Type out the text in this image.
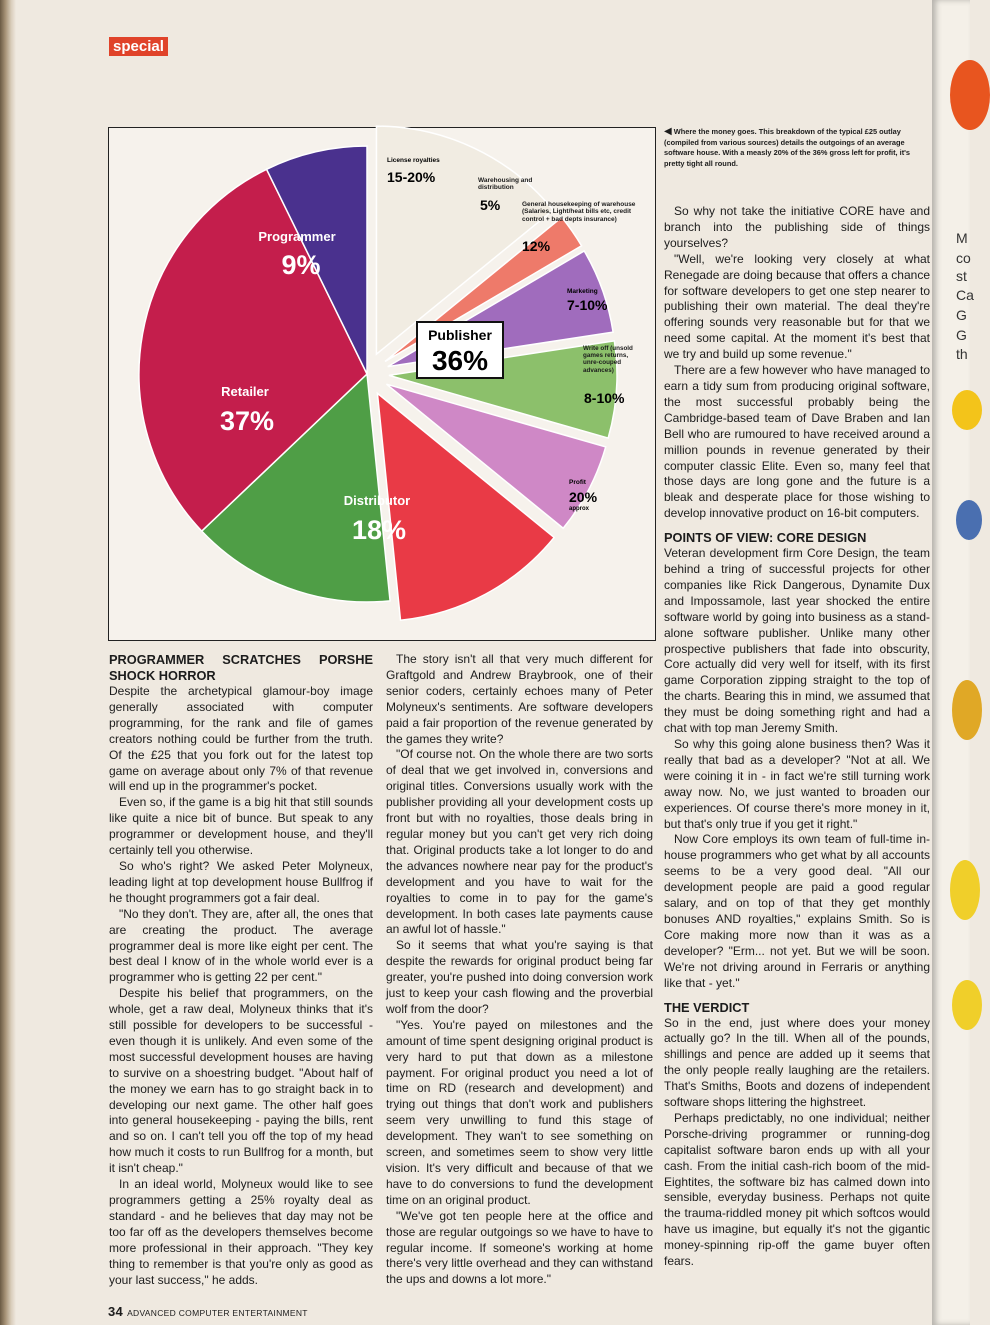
M
co
st
Ca
G
G
th
special
Publisher
36%
Programmer
9%
Retailer
37%
Distributor
18%
License royalties
15-20%	Warehousing and distribution
5%	General housekeeping of warehouse (Salaries, Light/heat bills etc, credit control + bad depts insurance)
12%
Marketing
7-10%
Write off (unsold games returns, unre-couped advances)
8-10%
Profit
20%
approx
◀ Where the money goes. This breakdown of the typical £25 outlay (compiled from various sources) details the outgoings of an average software house. With a measly 20% of the 36% gross left for profit, it's pretty tight all round.
PROGRAMMER SCRATCHES PORSHE SHOCK HORROR

Despite the archetypical glamour-boy image generally associated with computer programming, for the rank and file of games creators nothing could be further from the truth. Of the £25 that you fork out for the latest top game on average about only 7% of that revenue will end up in the programmer's pocket.

Even so, if the game is a big hit that still sounds like quite a nice bit of bunce. But speak to any programmer or development house, and they'll certainly tell you otherwise.

So who's right? We asked Peter Molyneux, leading light at top development house Bullfrog if he thought programmers got a fair deal.

"No they don't. They are, after all, the ones that are creating the product. The average programmer deal is more like eight per cent. The best deal I know of in the whole world ever is a programmer who is getting 22 per cent."

Despite his belief that programmers, on the whole, get a raw deal, Molyneux thinks that it's still possible for developers to be successful - even though it is unlikely. And even some of the most successful development houses are having to survive on a shoestring budget. "About half of the money we earn has to go straight back in to developing our next game. The other half goes into general housekeeping - paying the bills, rent and so on. I can't tell you off the top of my head how much it costs to run Bullfrog for a month, but it isn't cheap."

In an ideal world, Molyneux would like to see programmers getting a 25% royalty deal as standard - and he believes that day may not be too far off as the developers themselves become more professional in their approach. "They key thing to remember is that you're only as good as your last success," he adds.

The story isn't all that very much different for Graftgold and Andrew Braybrook, one of their senior coders, certainly echoes many of Peter Molyneux's sentiments. Are software developers paid a fair proportion of the revenue generated by the games they write?

"Of course not. On the whole there are two sorts of deal that we get involved in, conversions and original titles. Conversions usually work with the publisher providing all your development costs up front but with no royalties, those deals bring in regular money but you can't get very rich doing that. Original products take a lot longer to do and the advances nowhere near pay for the product's development and you have to wait for the royalties to come in to pay for the game's development. In both cases late payments cause an awful lot of hassle."

So it seems that what you're saying is that despite the rewards for original product being far greater, you're pushed into doing conversion work just to keep your cash flowing and the proverbial wolf from the door?

"Yes. You're payed on milestones and the amount of time spent designing original product is very hard to put that down as a milestone payment. For original product you need a lot of time on RD (research and development) and trying out things that don't work and publishers seem very unwilling to fund this stage of development. They wan't to see something on screen, and sometimes seem to show very little vision. It's very difficult and because of that we have to do conversions to fund the development time on an original product.

"We've got ten people here at the office and those are regular outgoings so we have to have to regular income. If someone's working at home there's very little overhead and they can withstand the ups and downs a lot more."

So why not take the initiative CORE have and branch into the publishing side of things yourselves?

"Well, we're looking very closely at what Renegade are doing because that offers a chance for software developers to get one step nearer to publishing their own material. The deal they're offering sounds very reasonable but for that we need some capital. At the moment it's best that we try and build up some revenue."

There are a few however who have managed to earn a tidy sum from producing original software, the most successful probably being the Cambridge-based team of Dave Braben and Ian Bell who are rumoured to have received around a million pounds in revenue generated by their computer classic Elite. Even so, many feel that those days are long gone and the future is a bleak and desperate place for those wishing to develop innovative product on 16-bit computers.

POINTS OF VIEW: CORE DESIGN

Veteran development firm Core Design, the team behind a tring of successful projects for other companies like Rick Dangerous, Dynamite Dux and Impossamole, last year shocked the entire software world by going into business as a stand-alone software publisher. Unlike many other prospective publishers that fade into obscurity, Core actually did very well for itself, with its first game Corporation zipping straight to the top of the charts. Bearing this in mind, we assumed that they must be doing something right and had a chat with top man Jeremy Smith.

So why this going alone business then? Was it really that bad as a developer? "Not at all. We were coining it in - in fact we're still turning work away now. No, we just wanted to broaden our experiences. Of course there's more money in it, but that's only true if you get it right."

Now Core employs its own team of full-time in-house programmers who get what by all accounts seems to be a very good deal. "All our development people are paid a good regular salary, and on top of that they get monthly bonuses AND royalties," explains Smith. So is Core making more now than it was as a developer? "Erm... not yet. But we will be soon. We're not driving around in Ferraris or anything like that - yet."

THE VERDICT

So in the end, just where does your money actually go? In the till. When all of the pounds, shillings and pence are added up it seems that the only people really laughing are the retailers. That's Smiths, Boots and dozens of independent software shops littering the highstreet.

Perhaps predictably, no one individual; neither Porsche-driving programmer or running-dog capitalist software baron ends up with all your cash. From the initial cash-rich boom of the mid-Eightites, the software biz has calmed down into sensible, everyday business. Perhaps not quite the trauma-riddled money pit which softcos would have us imagine, but equally it's not the gigantic money-spinning rip-off the game buyer often fears.

34 ADVANCED COMPUTER ENTERTAINMENT
